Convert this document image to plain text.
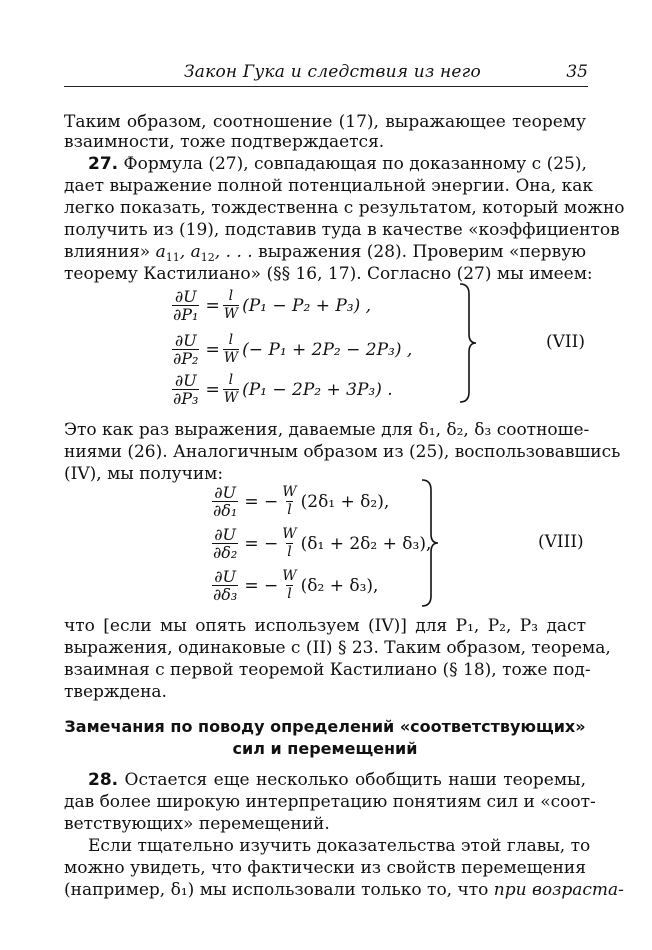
Закон Гука и следствия из него	35
Таким образом, соотношение (17), выражающее теорему
взаимности, тоже подтверждается.
27. Формула (27), совпадающая по доказанному с (25),
дает выражение полной потенциальной энергии. Она, как
легко показать, тождественна с результатом, который можно
получить из (19), подставив туда в качестве «коэффициентов
влияния» $a_{11}$, $a_{12}$, . . . выражения (28). Проверим «первую
теорему Кастилиано» (§§ 16, 17). Согласно (27) мы имеем:
$\frac{\partial U}{\text{∂P₁}} = \frac{l}{W} (P_1 - P_2 + P_3)$ ,
$\frac{\partial U}{\text{∂P₂}} = \frac{l}{W}$ (− P₁ + 2P₂ − 2P₃) ,
$\frac{\partial U}{\text{∂P₃}} = \frac{l}{W} (P_1 - 2P_2 + 3P_3)$ .
(VII)
Это как раз выражения, даваемые для δ₁, δ₂, δ₃ соотноше-
ниями (26). Аналогичным образом из (25), воспользовавшись
(IV), мы получим:
$\frac{\partial U}{\text{∂δ₁}}$ = − $\frac{W}{l} (2\delta_1 + \delta_2)$,
$\frac{\partial U}{\text{∂δ₂}}$ = − $\frac{W}{l} (\delta_1 + 2\delta_2 + \delta_3)$,
$\frac{\partial U}{\text{∂δ₃}}$ = − $\frac{W}{l} (\delta_2 + \delta_3)$,
(VIII)
что [если мы опять используем (IV)] для P₁, P₂, P₃ даст
выражения, одинаковые с (II) § 23. Таким образом, теорема,
взаимная с первой теоремой Кастилиано (§ 18), тоже под-
тверждена.
Замечания по поводу определений «соответствующих»
сил и перемещений
28. Остается еще несколько обобщить наши теоремы,
дав более широкую интерпретацию понятиям сил и «соот-
ветствующих» перемещений.
Если тщательно изучить доказательства этой главы, то
можно увидеть, что фактически из свойств перемещения
(например, δ₁) мы использовали только то, что при возраста-
